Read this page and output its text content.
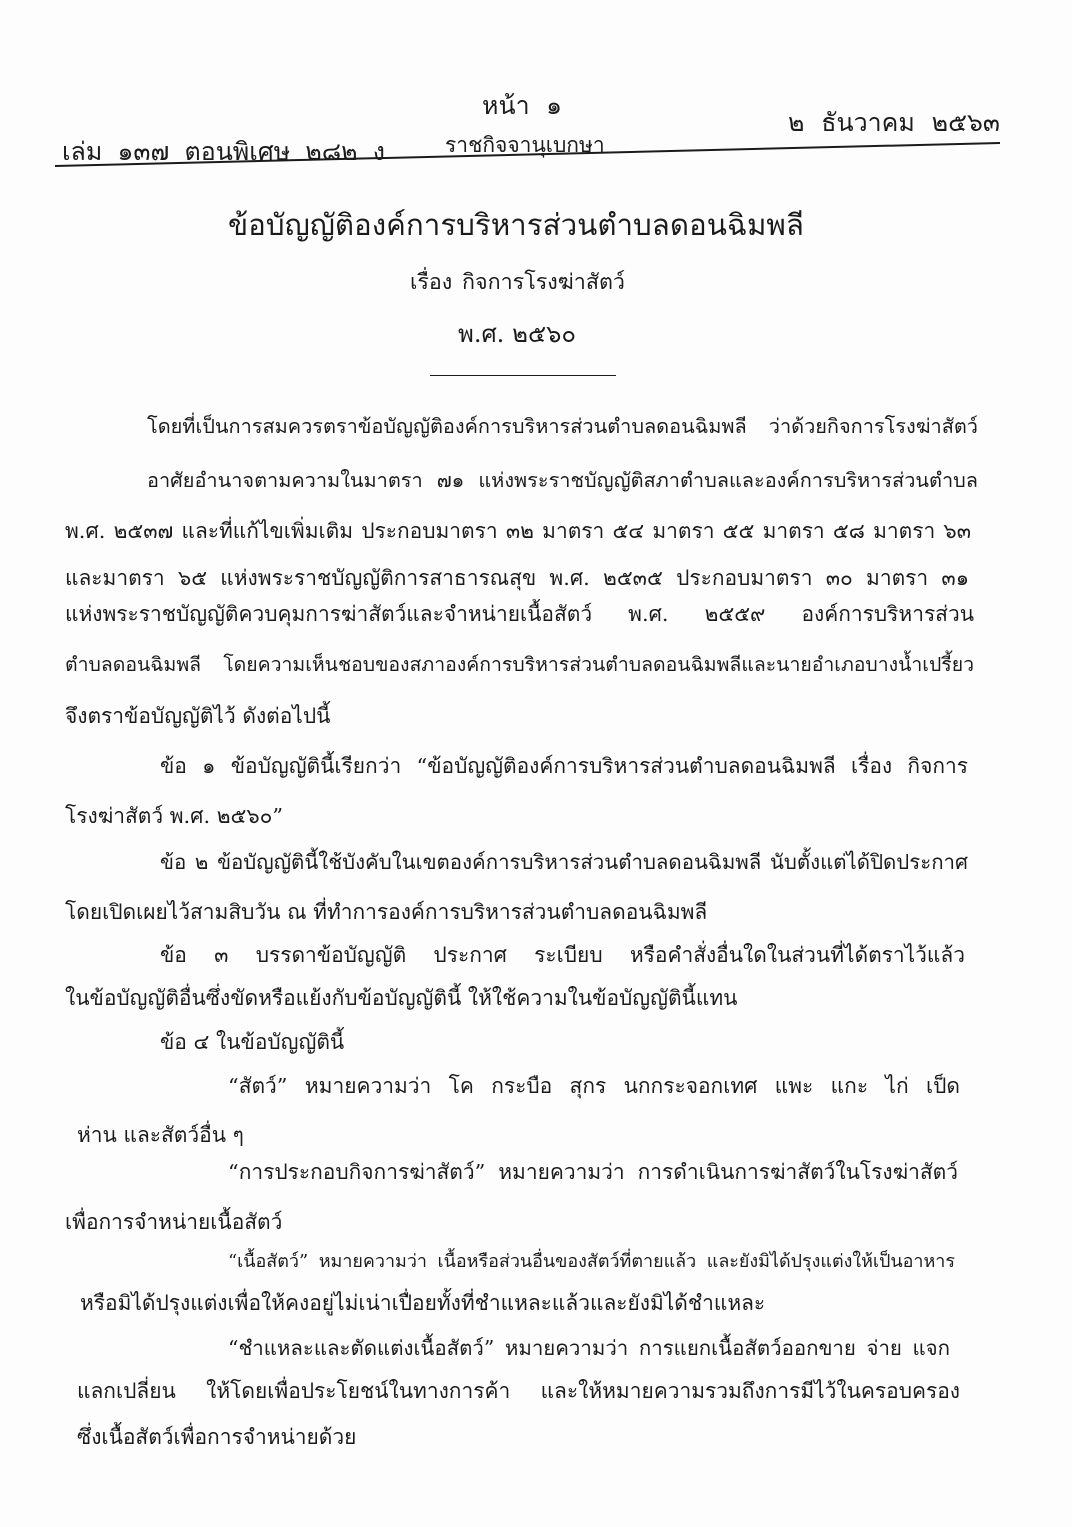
หน้า ๑
๒ ธันวาคม ๒๕๖๓
ราชกิจจานุเบกษา
เล่ม ๑๓๗ ตอนพิเศษ ๒๘๒ ง
ข้อบัญญัติองค์การบริหารส่วนตำบลดอนฉิมพลี
เรื่อง กิจการโรงฆ่าสัตว์
พ.ศ. ๒๕๖๐
โดยที่เป็นการสมควรตราข้อบัญญัติองค์การบริหารส่วนตำบลดอนฉิมพลี ว่าด้วยกิจการโรงฆ่าสัตว์
อาศัยอำนาจตามความในมาตรา ๗๑ แห่งพระราชบัญญัติสภาตำบลและองค์การบริหารส่วนตำบล
พ.ศ. ๒๕๓๗ และที่แก้ไขเพิ่มเติม ประกอบมาตรา ๓๒ มาตรา ๕๔ มาตรา ๕๕ มาตรา ๕๘ มาตรา ๖๓
และมาตรา ๖๕ แห่งพระราชบัญญัติการสาธารณสุข พ.ศ. ๒๕๓๕ ประกอบมาตรา ๓๐ มาตรา ๓๑
แห่งพระราชบัญญัติควบคุมการฆ่าสัตว์และจำหน่ายเนื้อสัตว์ พ.ศ. ๒๕๕๙ องค์การบริหารส่วน
ตำบลดอนฉิมพลี โดยความเห็นชอบของสภาองค์การบริหารส่วนตำบลดอนฉิมพลีและนายอำเภอบางน้ำเปรี้ยว
จึงตราข้อบัญญัติไว้ ดังต่อไปนี้
ข้อ ๑ ข้อบัญญัตินี้เรียกว่า “ข้อบัญญัติองค์การบริหารส่วนตำบลดอนฉิมพลี เรื่อง กิจการ
โรงฆ่าสัตว์ พ.ศ. ๒๕๖๐”
ข้อ ๒ ข้อบัญญัตินี้ใช้บังคับในเขตองค์การบริหารส่วนตำบลดอนฉิมพลี นับตั้งแต่ได้ปิดประกาศ
โดยเปิดเผยไว้สามสิบวัน ณ ที่ทำการองค์การบริหารส่วนตำบลดอนฉิมพลี
ข้อ ๓ บรรดาข้อบัญญัติ ประกาศ ระเบียบ หรือคำสั่งอื่นใดในส่วนที่ได้ตราไว้แล้ว
ในข้อบัญญัติอื่นซึ่งขัดหรือแย้งกับข้อบัญญัตินี้ ให้ใช้ความในข้อบัญญัตินี้แทน
ข้อ ๔ ในข้อบัญญัตินี้
“สัตว์” หมายความว่า โค กระบือ สุกร นกกระจอกเทศ แพะ แกะ ไก่ เป็ด
ห่าน และสัตว์อื่น ๆ
“การประกอบกิจการฆ่าสัตว์” หมายความว่า การดำเนินการฆ่าสัตว์ในโรงฆ่าสัตว์
เพื่อการจำหน่ายเนื้อสัตว์
“เนื้อสัตว์” หมายความว่า เนื้อหรือส่วนอื่นของสัตว์ที่ตายแล้ว และยังมิได้ปรุงแต่งให้เป็นอาหาร
หรือมิได้ปรุงแต่งเพื่อให้คงอยู่ไม่เน่าเปื่อยทั้งที่ชำแหละแล้วและยังมิได้ชำแหละ
“ชำแหละและตัดแต่งเนื้อสัตว์” หมายความว่า การแยกเนื้อสัตว์ออกขาย จ่าย แจก
แลกเปลี่ยน ให้โดยเพื่อประโยชน์ในทางการค้า และให้หมายความรวมถึงการมีไว้ในครอบครอง
ซึ่งเนื้อสัตว์เพื่อการจำหน่ายด้วย
